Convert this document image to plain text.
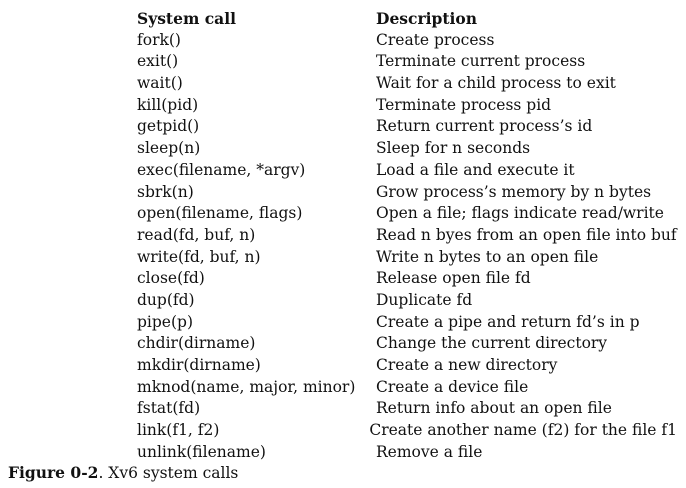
System call	Description
fork()	Create process
exit()	Terminate current process
wait()	Wait for a child process to exit
kill(pid)	Terminate process pid
getpid()	Return current process’s id
sleep(n)	Sleep for n seconds
exec(filename, *argv)	Load a file and execute it
sbrk(n)	Grow process’s memory by n bytes
open(filename, flags)	Open a file; flags indicate read/write
read(fd, buf, n)	Read n byes from an open file into buf
write(fd, buf, n)	Write n bytes to an open file
close(fd)	Release open file fd
dup(fd)	Duplicate fd
pipe(p)	Create a pipe and return fd’s in p
chdir(dirname)	Change the current directory
mkdir(dirname)	Create a new directory
mknod(name, major, minor)	Create a device file
fstat(fd)	Return info about an open file
link(f1, f2)	Create another name (f2) for the file f1
unlink(filename)	Remove a file
Figure 0-2. Xv6 system calls
